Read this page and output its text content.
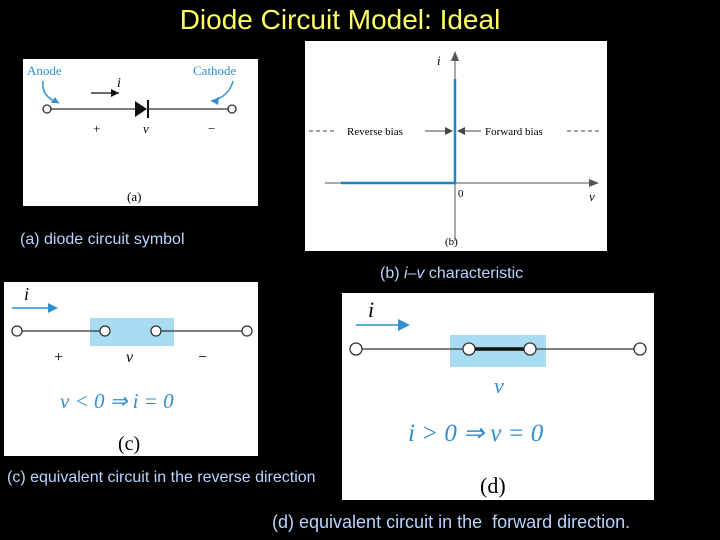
Diode Circuit Model: Ideal
Anode	Cathode
i
+	v	−
(a)
(a) diode circuit symbol
i
v
0
Reverse bias	Forward bias
(b)
(b) i–v characteristic
i
+	v	−
v < 0 ⇒ i = 0
(c)
(c) equivalent circuit in the reverse direction
i
v
i > 0 ⇒ v = 0
(d)
(d) equivalent circuit in the  forward direction.
